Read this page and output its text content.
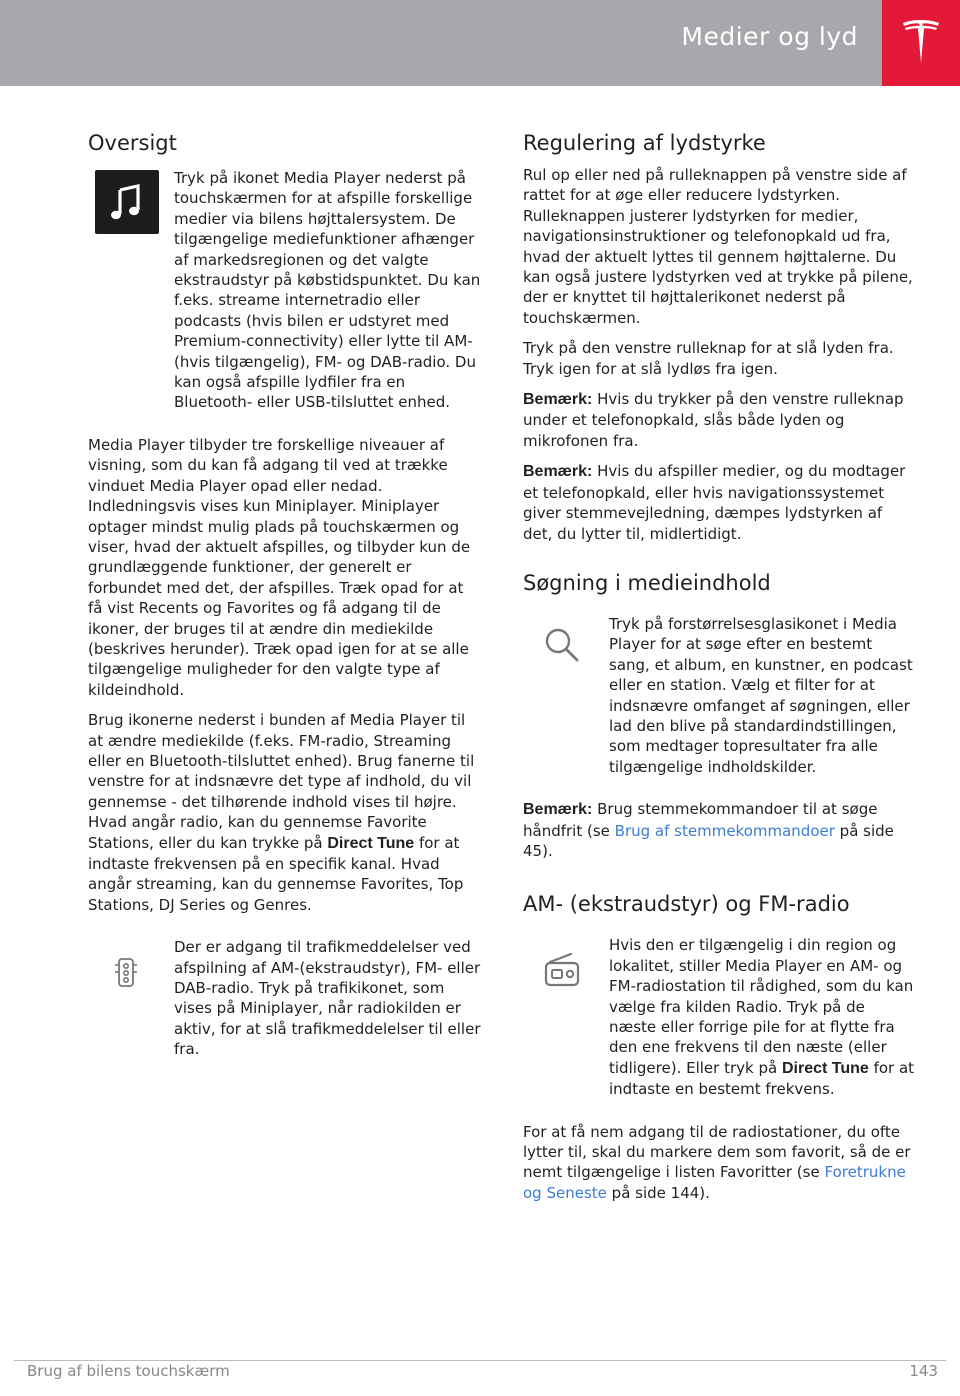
Medier og lyd
Oversigt

Tryk på ikonet Media Player nederst på touchskærmen for at afspille forskellige medier via bilens højttalersystem. De tilgængelige mediefunktioner afhænger af markedsregionen og det valgte ekstraudstyr på købstidspunktet. Du kan f.eks. streame internetradio eller podcasts (hvis bilen er udstyret med Premium-connectivity) eller lytte til AM-(hvis tilgængelig), FM- og DAB-radio. Du kan også afspille lydfiler fra en Bluetooth- eller USB-tilsluttet enhed.

Media Player tilbyder tre forskellige niveauer af visning, som du kan få adgang til ved at trække vinduet Media Player opad eller nedad. Indledningsvis vises kun Miniplayer. Miniplayer optager mindst mulig plads på touchskærmen og viser, hvad der aktuelt afspilles, og tilbyder kun de grundlæggende funktioner, der generelt er forbundet med det, der afspilles. Træk opad for at få vist Recents og Favorites og få adgang til de ikoner, der bruges til at ændre din mediekilde (beskrives herunder). Træk opad igen for at se alle tilgængelige muligheder for den valgte type af kildeindhold.

Brug ikonerne nederst i bunden af Media Player til at ændre mediekilde (f.eks. FM-radio, Streaming eller en Bluetooth-tilsluttet enhed). Brug fanerne til venstre for at indsnævre det type af indhold, du vil gennemse - det tilhørende indhold vises til højre. Hvad angår radio, kan du gennemse Favorite Stations, eller du kan trykke på Direct Tune for at indtaste frekvensen på en specifik kanal. Hvad angår streaming, kan du gennemse Favorites, Top Stations, DJ Series og Genres.

Der er adgang til trafikmeddelelser ved afspilning af AM-(ekstraudstyr), FM- eller DAB-radio. Tryk på trafikikonet, som vises på Miniplayer, når radiokilden er aktiv, for at slå trafikmeddelelser til eller fra.

Regulering af lydstyrke

Rul op eller ned på rulleknappen på venstre side af rattet for at øge eller reducere lydstyrken. Rulleknappen justerer lydstyrken for medier, navigationsinstruktioner og telefonopkald ud fra, hvad der aktuelt lyttes til gennem højttalerne. Du kan også justere lydstyrken ved at trykke på pilene, der er knyttet til højttalerikonet nederst på touchskærmen.

Tryk på den venstre rulleknap for at slå lyden fra. Tryk igen for at slå lydløs fra igen.

Bemærk: Hvis du trykker på den venstre rulleknap under et telefonopkald, slås både lyden og mikrofonen fra.

Bemærk: Hvis du afspiller medier, og du modtager et telefonopkald, eller hvis navigationssystemet giver stemmevejledning, dæmpes lydstyrken af det, du lytter til, midlertidigt.

Søgning i medieindhold

Tryk på forstørrelsesglasikonet i Media Player for at søge efter en bestemt sang, et album, en kunstner, en podcast eller en station. Vælg et filter for at indsnævre omfanget af søgningen, eller lad den blive på standardindstillingen, som medtager topresultater fra alle tilgængelige indholdskilder.

Bemærk: Brug stemmekommandoer til at søge håndfrit (se Brug af stemmekommandoer på side 45).

AM- (ekstraudstyr) og FM-radio

Hvis den er tilgængelig i din region og lokalitet, stiller Media Player en AM- og FM-radiostation til rådighed, som du kan vælge fra kilden Radio. Tryk på de næste eller forrige pile for at flytte fra den ene frekvens til den næste (eller tidligere). Eller tryk på Direct Tune for at indtaste en bestemt frekvens.

For at få nem adgang til de radiostationer, du ofte lytter til, skal du markere dem som favorit, så de er nemt tilgængelige i listen Favoritter (se Foretrukne og Seneste på side 144).

Brug af bilens touchskærm	143
